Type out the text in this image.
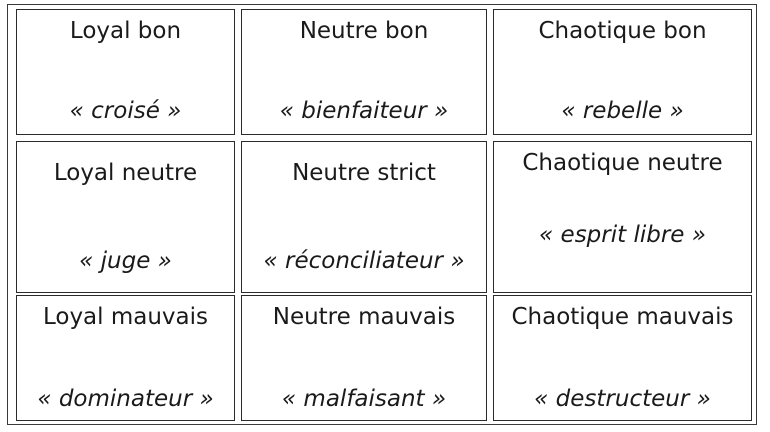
Loyal bon
« croisé »
Neutre bon
« bienfaiteur »
Chaotique bon
« rebelle »
Loyal neutre
« juge »
Neutre strict
« réconciliateur »
Chaotique neutre
« esprit libre »
Loyal mauvais
« dominateur »
Neutre mauvais
« malfaisant »
Chaotique mauvais
« destructeur »
